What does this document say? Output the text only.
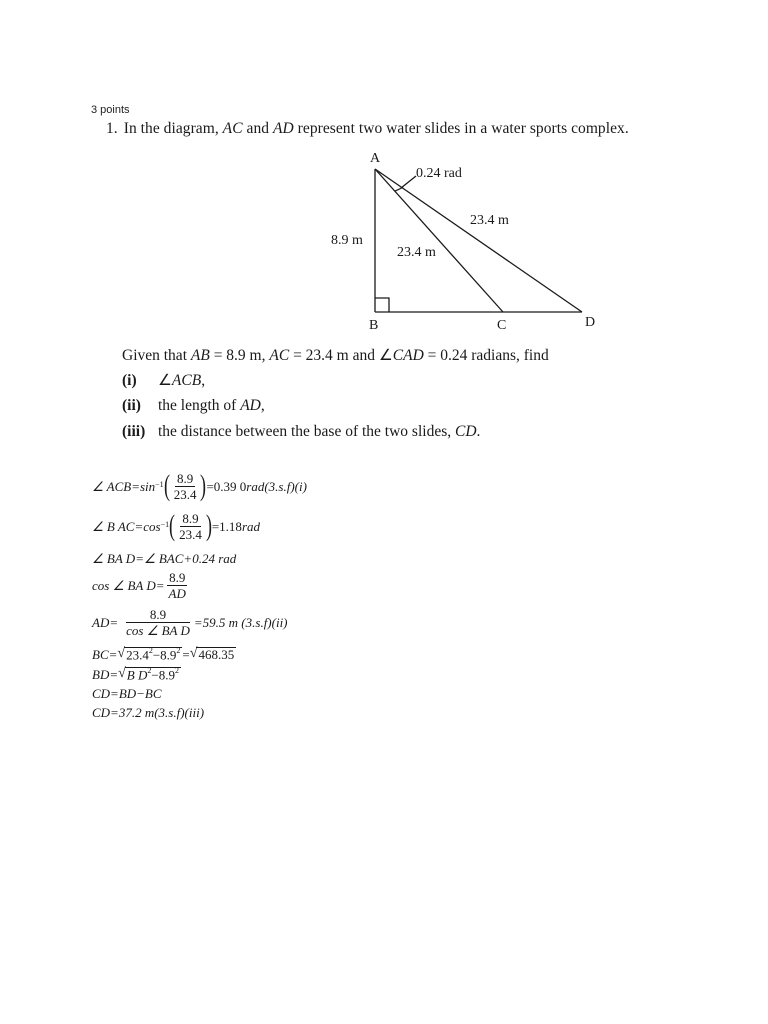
3 points
1. In the diagram, AC and AD represent two water slides in a water sports complex.
A
B	C	D
0.24 rad
23.4 m
23.4 m
8.9 m
Given that AB = 8.9 m, AC = 23.4 m and ∠CAD = 0.24 radians, find
(i) ∠ACB,
(ii) the length of AD,
(iii) the distance between the base of the two slides, CD.
∠ ACB=sin −1 ( $\frac{8.9}{23.4}$ ) =0.39 0 rad (3.s.f)(i)
∠ B AC=cos −1 ( $\frac{8.9}{23.4}$ ) =1.18 rad
∠ BA D=∠ BAC+0.24 rad
cos ∠ BA $D= \frac{8.9}{AD}$
$AD= \frac{8.9}{\text{cos ∠ BA D}} =59.5$ m (3.s.f)(ii)
BC= √ $23.4^2-8.9^2$ = √ 468.35
BD= √ B $D^2-8.9^2$
CD=BD−BC
CD=37.2 m(3.s.f)(iii)
